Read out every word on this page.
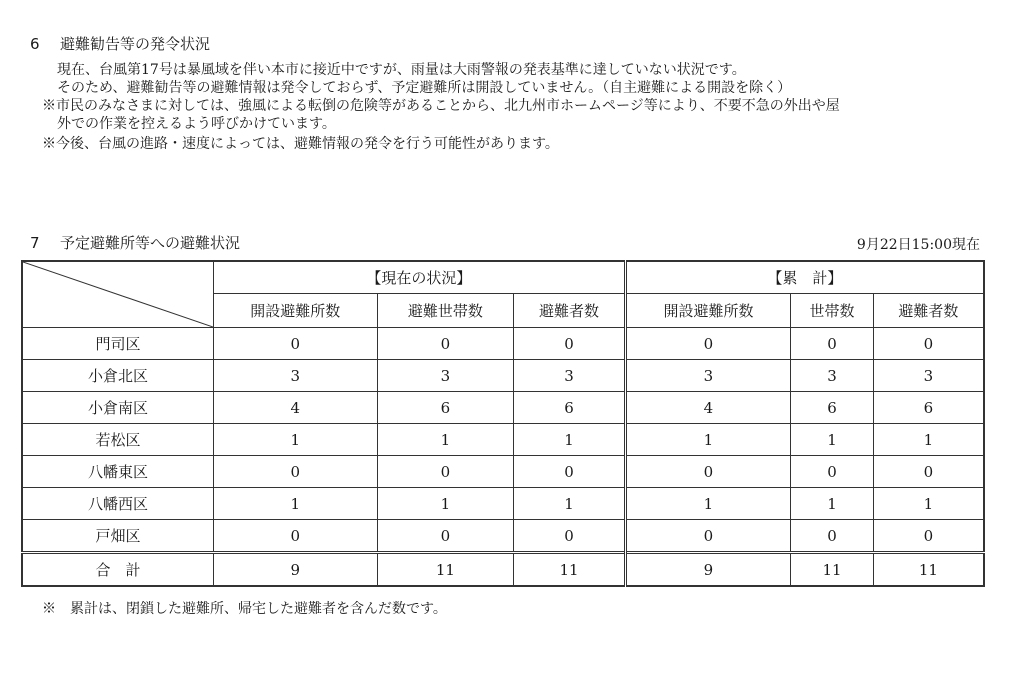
6 避難勧告等の発令状況
現在、台風第17号は暴風域を伴い本市に接近中ですが、雨量は大雨警報の発表基準に達していない状況です。
そのため、避難勧告等の避難情報は発令しておらず、予定避難所は開設していません。（自主避難による開設を除く）
※市民のみなさまに対しては、強風による転倒の危険等があることから、北九州市ホームページ等により、不要不急の外出や屋
外での作業を控えるよう呼びかけています。
※今後、台風の進路・速度によっては、避難情報の発令を行う可能性があります。
7 予定避難所等への避難状況	9月22日15:00現在
	【現在の状況】			【累　計】		
	開設避難所数	避難世帯数	避難者数	開設避難所数	世帯数	避難者数
門司区	0	0	0	0	0	0
小倉北区	3	3	3	3	3	3
小倉南区	4	6	6	4	6	6
若松区	1	1	1	1	1	1
八幡東区	0	0	0	0	0	0
八幡西区	1	1	1	1	1	1
戸畑区	0	0	0	0	0	0
合　計	9	11	11	9	11	11
※　累計は、閉鎖した避難所、帰宅した避難者を含んだ数です。
